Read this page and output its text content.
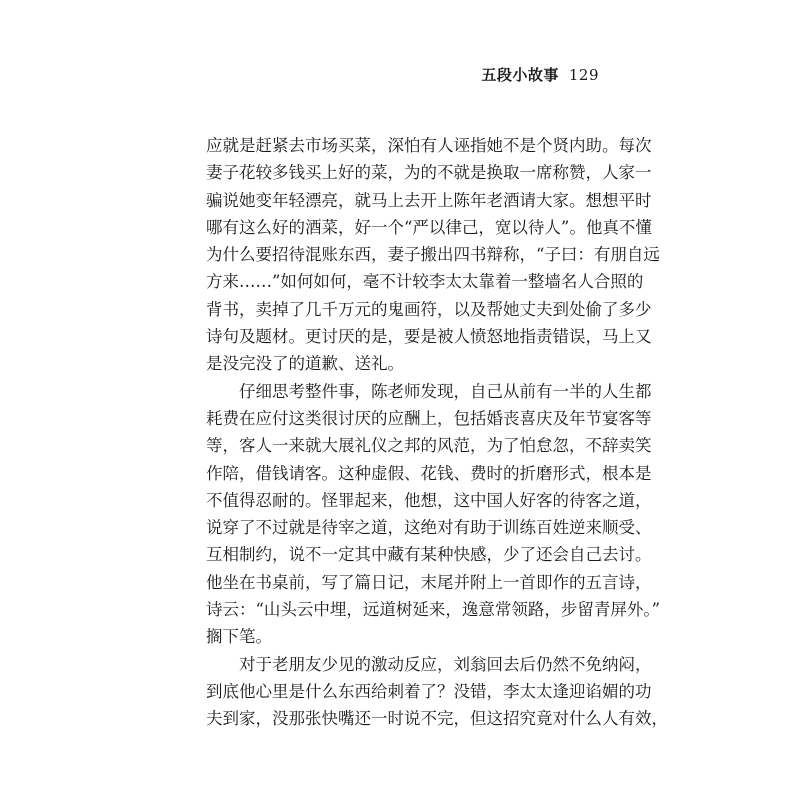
五段小故事 129
应就是赶紧去市场买菜，深怕有人诬指她不是个贤内助。每次
妻子花较多钱买上好的菜，为的不就是换取一席称赞，人家一
骗说她变年轻漂亮，就马上去开上陈年老酒请大家。想想平时
哪有这么好的酒菜，好一个“严以律己，宽以待人”。他真不懂
为什么要招待混账东西，妻子搬出四书辩称，“子曰：有朋自远
方来……”如何如何，毫不计较李太太靠着一整墙名人合照的
背书，卖掉了几千万元的鬼画符，以及帮她丈夫到处偷了多少
诗句及题材。更讨厌的是，要是被人愤怒地指责错误，马上又
是没完没了的道歉、送礼。
仔细思考整件事，陈老师发现，自己从前有一半的人生都
耗费在应付这类很讨厌的应酬上，包括婚丧喜庆及年节宴客等
等，客人一来就大展礼仪之邦的风范，为了怕怠忽，不辞卖笑
作陪，借钱请客。这种虚假、花钱、费时的折磨形式，根本是
不值得忍耐的。怪罪起来，他想，这中国人好客的待客之道，
说穿了不过就是待宰之道，这绝对有助于训练百姓逆来顺受、
互相制约，说不一定其中藏有某种快感，少了还会自己去讨。
他坐在书桌前，写了篇日记，末尾并附上一首即作的五言诗，
诗云：“山头云中埋，远道树延来，逸意常领路，步留青屏外。”
搁下笔。
对于老朋友少见的激动反应，刘翁回去后仍然不免纳闷，
到底他心里是什么东西给刺着了？没错，李太太逢迎谄媚的功
夫到家，没那张快嘴还一时说不完，但这招究竟对什么人有效，
